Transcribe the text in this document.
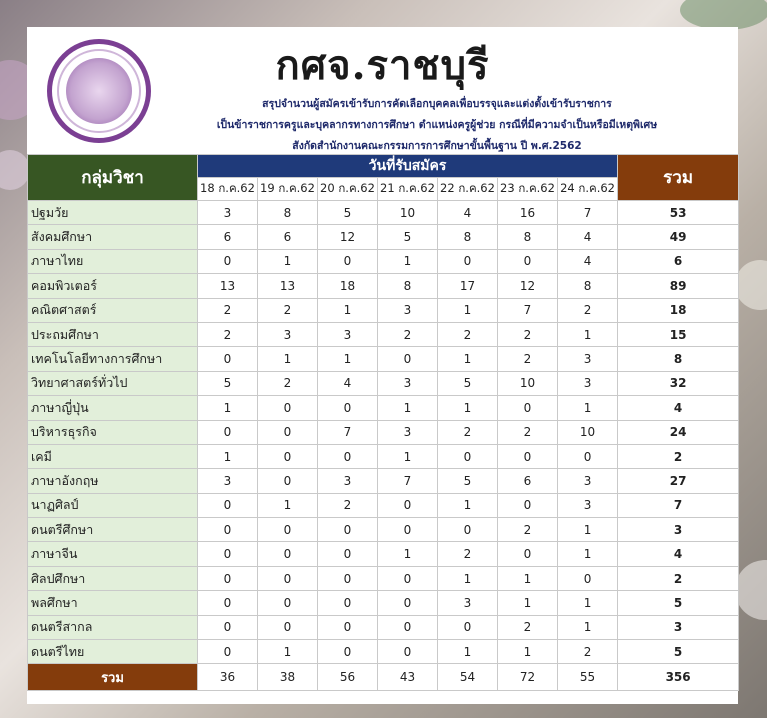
กศจ.ราชบุรี
สรุปจำนวนผู้สมัครเข้ารับการคัดเลือกบุคคลเพื่อบรรจุและแต่งตั้งเข้ารับราชการ
เป็นข้าราชการครูและบุคลากรทางการศึกษา ตำแหน่งครูผู้ช่วย กรณีที่มีความจำเป็นหรือมีเหตุพิเศษ
สังกัดสำนักงานคณะกรรมการการศึกษาขั้นพื้นฐาน ปี พ.ศ.2562
กลุ่มวิชา	วันที่รับสมัคร							รวม
	18 ก.ค.62	19 ก.ค.62	20 ก.ค.62	21 ก.ค.62	22 ก.ค.62	23 ก.ค.62	24 ก.ค.62	
ปฐมวัย	3	8	5	10	4	16	7	53
สังคมศึกษา	6	6	12	5	8	8	4	49
ภาษาไทย	0	1	0	1	0	0	4	6
คอมพิวเตอร์	13	13	18	8	17	12	8	89
คณิตศาสตร์	2	2	1	3	1	7	2	18
ประถมศึกษา	2	3	3	2	2	2	1	15
เทคโนโลยีทางการศึกษา	0	1	1	0	1	2	3	8
วิทยาศาสตร์ทั่วไป	5	2	4	3	5	10	3	32
ภาษาญี่ปุ่น	1	0	0	1	1	0	1	4
บริหารธุรกิจ	0	0	7	3	2	2	10	24
เคมี	1	0	0	1	0	0	0	2
ภาษาอังกฤษ	3	0	3	7	5	6	3	27
นาฏศิลป์	0	1	2	0	1	0	3	7
ดนตรีศึกษา	0	0	0	0	0	2	1	3
ภาษาจีน	0	0	0	1	2	0	1	4
ศิลปศึกษา	0	0	0	0	1	1	0	2
พลศึกษา	0	0	0	0	3	1	1	5
ดนตรีสากล	0	0	0	0	0	2	1	3
ดนตรีไทย	0	1	0	0	1	1	2	5
รวม	36	38	56	43	54	72	55	356
